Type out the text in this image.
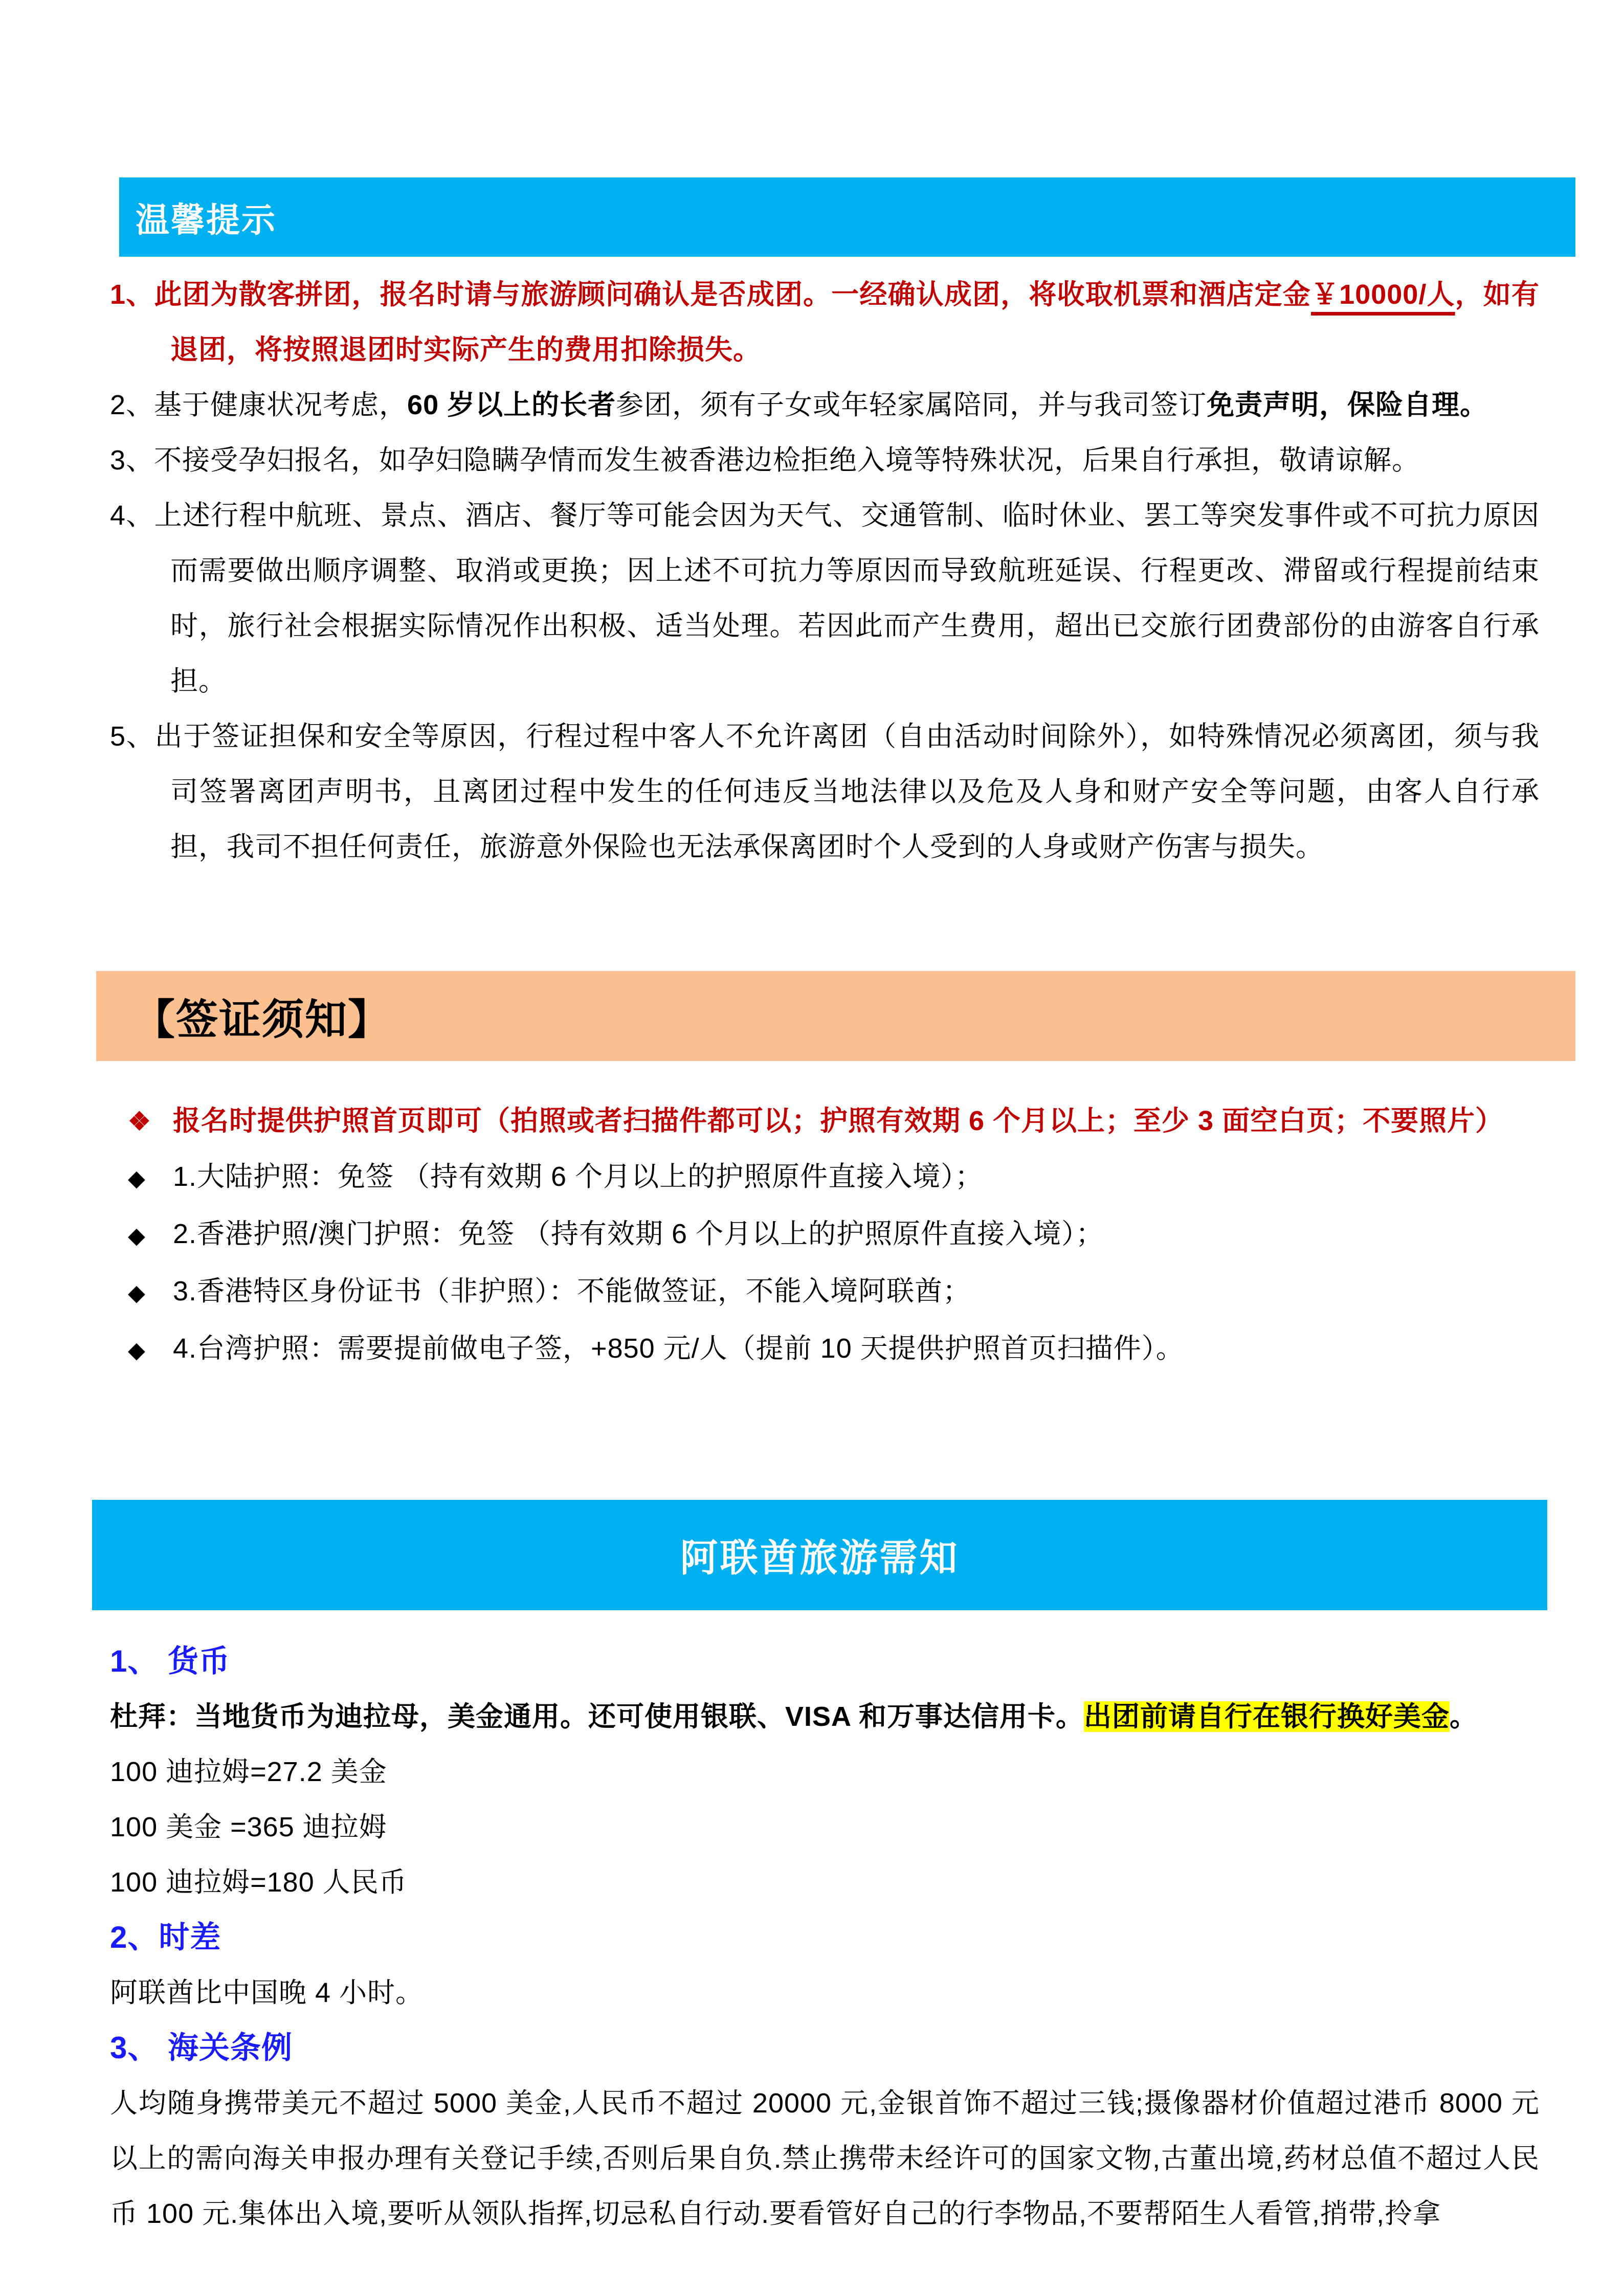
温馨提示

1、此团为散客拼团，报名时请与旅游顾问确认是否成团。一经确认成团，将收取机票和酒店定金￥10000/人，如有退团，将按照退团时实际产生的费用扣除损失。

2、基于健康状况考虑，60 岁以上的长者参团，须有子女或年轻家属陪同，并与我司签订免责声明，保险自理。

3、不接受孕妇报名，如孕妇隐瞒孕情而发生被香港边检拒绝入境等特殊状况，后果自行承担，敬请谅解。

4、上述行程中航班、景点、酒店、餐厅等可能会因为天气、交通管制、临时休业、罢工等突发事件或不可抗力原因而需要做出顺序调整、取消或更换；因上述不可抗力等原因而导致航班延误、行程更改、滞留或行程提前结束时，旅行社会根据实际情况作出积极、适当处理。若因此而产生费用，超出已交旅行团费部份的由游客自行承担。

5、出于签证担保和安全等原因，行程过程中客人不允许离团（自由活动时间除外），如特殊情况必须离团，须与我司签署离团声明书，且离团过程中发生的任何违反当地法律以及危及人身和财产安全等问题，由客人自行承担，我司不担任何责任，旅游意外保险也无法承保离团时个人受到的人身或财产伤害与损失。

【签证须知】

❖ 报名时提供护照首页即可（拍照或者扫描件都可以；护照有效期 6 个月以上；至少 3 面空白页；不要照片）

◆ 1.大陆护照：免签 （持有效期 6 个月以上的护照原件直接入境）；

◆ 2.香港护照/澳门护照：免签 （持有效期 6 个月以上的护照原件直接入境）；

◆ 3.香港特区身份证书（非护照）：不能做签证，不能入境阿联酋；

◆ 4.台湾护照：需要提前做电子签，+850 元/人（提前 10 天提供护照首页扫描件）。

阿联酋旅游需知

1、 货币

杜拜：当地货币为迪拉母，美金通用。还可使用银联、VISA 和万事达信用卡。出团前请自行在银行换好美金。

100 迪拉姆=27.2 美金

100 美金 =365 迪拉姆

100 迪拉姆=180 人民币

2、时差

阿联酋比中国晚 4 小时。

3、 海关条例

人均随身携带美元不超过 5000 美金,人民币不超过 20000 元,金银首饰不超过三钱;摄像器材价值超过港币 8000 元以上的需向海关申报办理有关登记手续,否则后果自负.禁止携带未经许可的国家文物,古董出境,药材总值不超过人民币 100 元.集体出入境,要听从领队指挥,切忌私自行动.要看管好自己的行李物品,不要帮陌生人看管,捎带,拎拿
